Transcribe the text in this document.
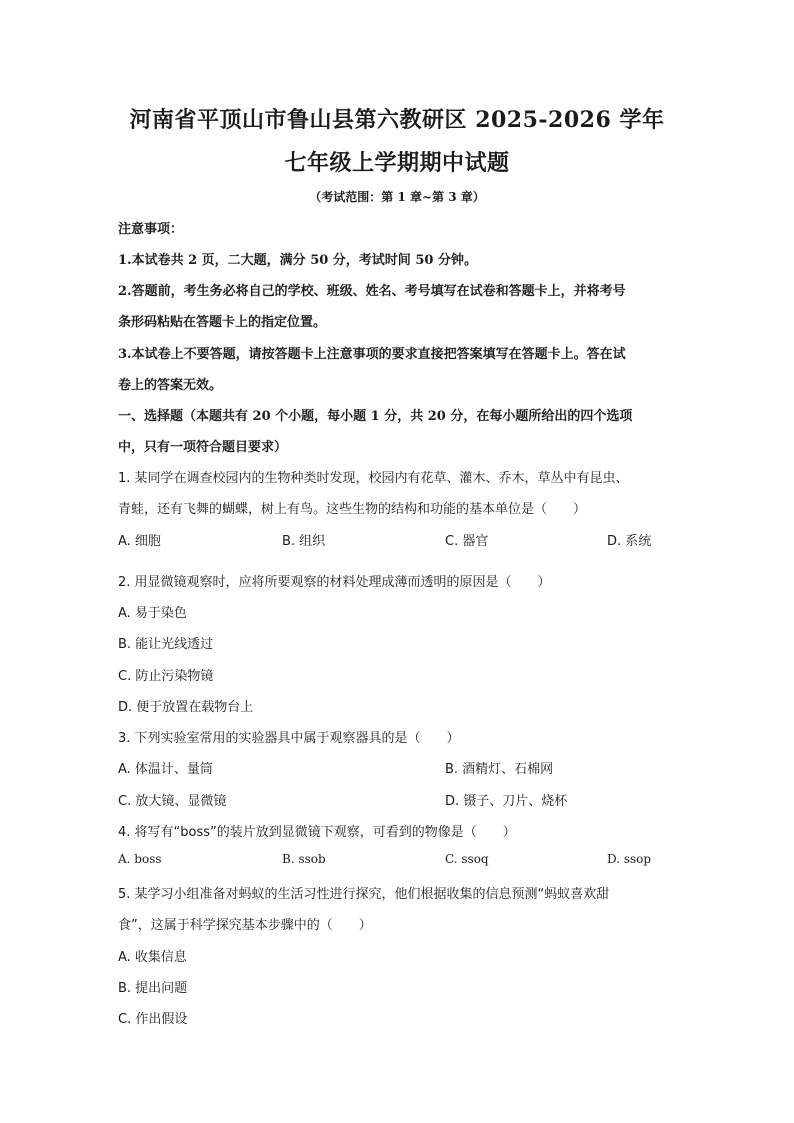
河南省平顶山市鲁山县第六教研区 2025-2026 学年
七年级上学期期中试题
（考试范围：第 1 章~第 3 章）
注意事项：
1.本试卷共 2 页，二大题，满分 50 分，考试时间 50 分钟。
2.答题前，考生务必将自己的学校、班级、姓名、考号填写在试卷和答题卡上，并将考号
条形码粘贴在答题卡上的指定位置。
3.本试卷上不要答题，请按答题卡上注意事项的要求直接把答案填写在答题卡上。答在试
卷上的答案无效。
一、选择题（本题共有 20 个小题，每小题 1 分，共 20 分，在每小题所给出的四个选项
中，只有一项符合题目要求）
1. 某同学在调查校园内的生物种类时发现，校园内有花草、灌木、乔木，草丛中有昆虫、
青蛙，还有飞舞的蝴蝶，树上有鸟。这些生物的结构和功能的基本单位是（　　）
A. 细胞	B. 组织	C. 器官	D. 系统
2. 用显微镜观察时，应将所要观察的材料处理成薄而透明的原因是（　　）
A. 易于染色
B. 能让光线透过
C. 防止污染物镜
D. 便于放置在载物台上
3. 下列实验室常用的实验器具中属于观察器具的是（　　）
A. 体温计、量筒	B. 酒精灯、石棉网
C. 放大镜、显微镜	D. 镊子、刀片、烧杯
4. 将写有“boss”的装片放到显微镜下观察，可看到的物像是（　　）
A. boss	B. ssob	C. ssoq	D. ssop
5. 某学习小组准备对蚂蚁的生活习性进行探究，他们根据收集的信息预测“蚂蚁喜欢甜
食”，这属于科学探究基本步骤中的（　　）
A. 收集信息
B. 提出问题
C. 作出假设
